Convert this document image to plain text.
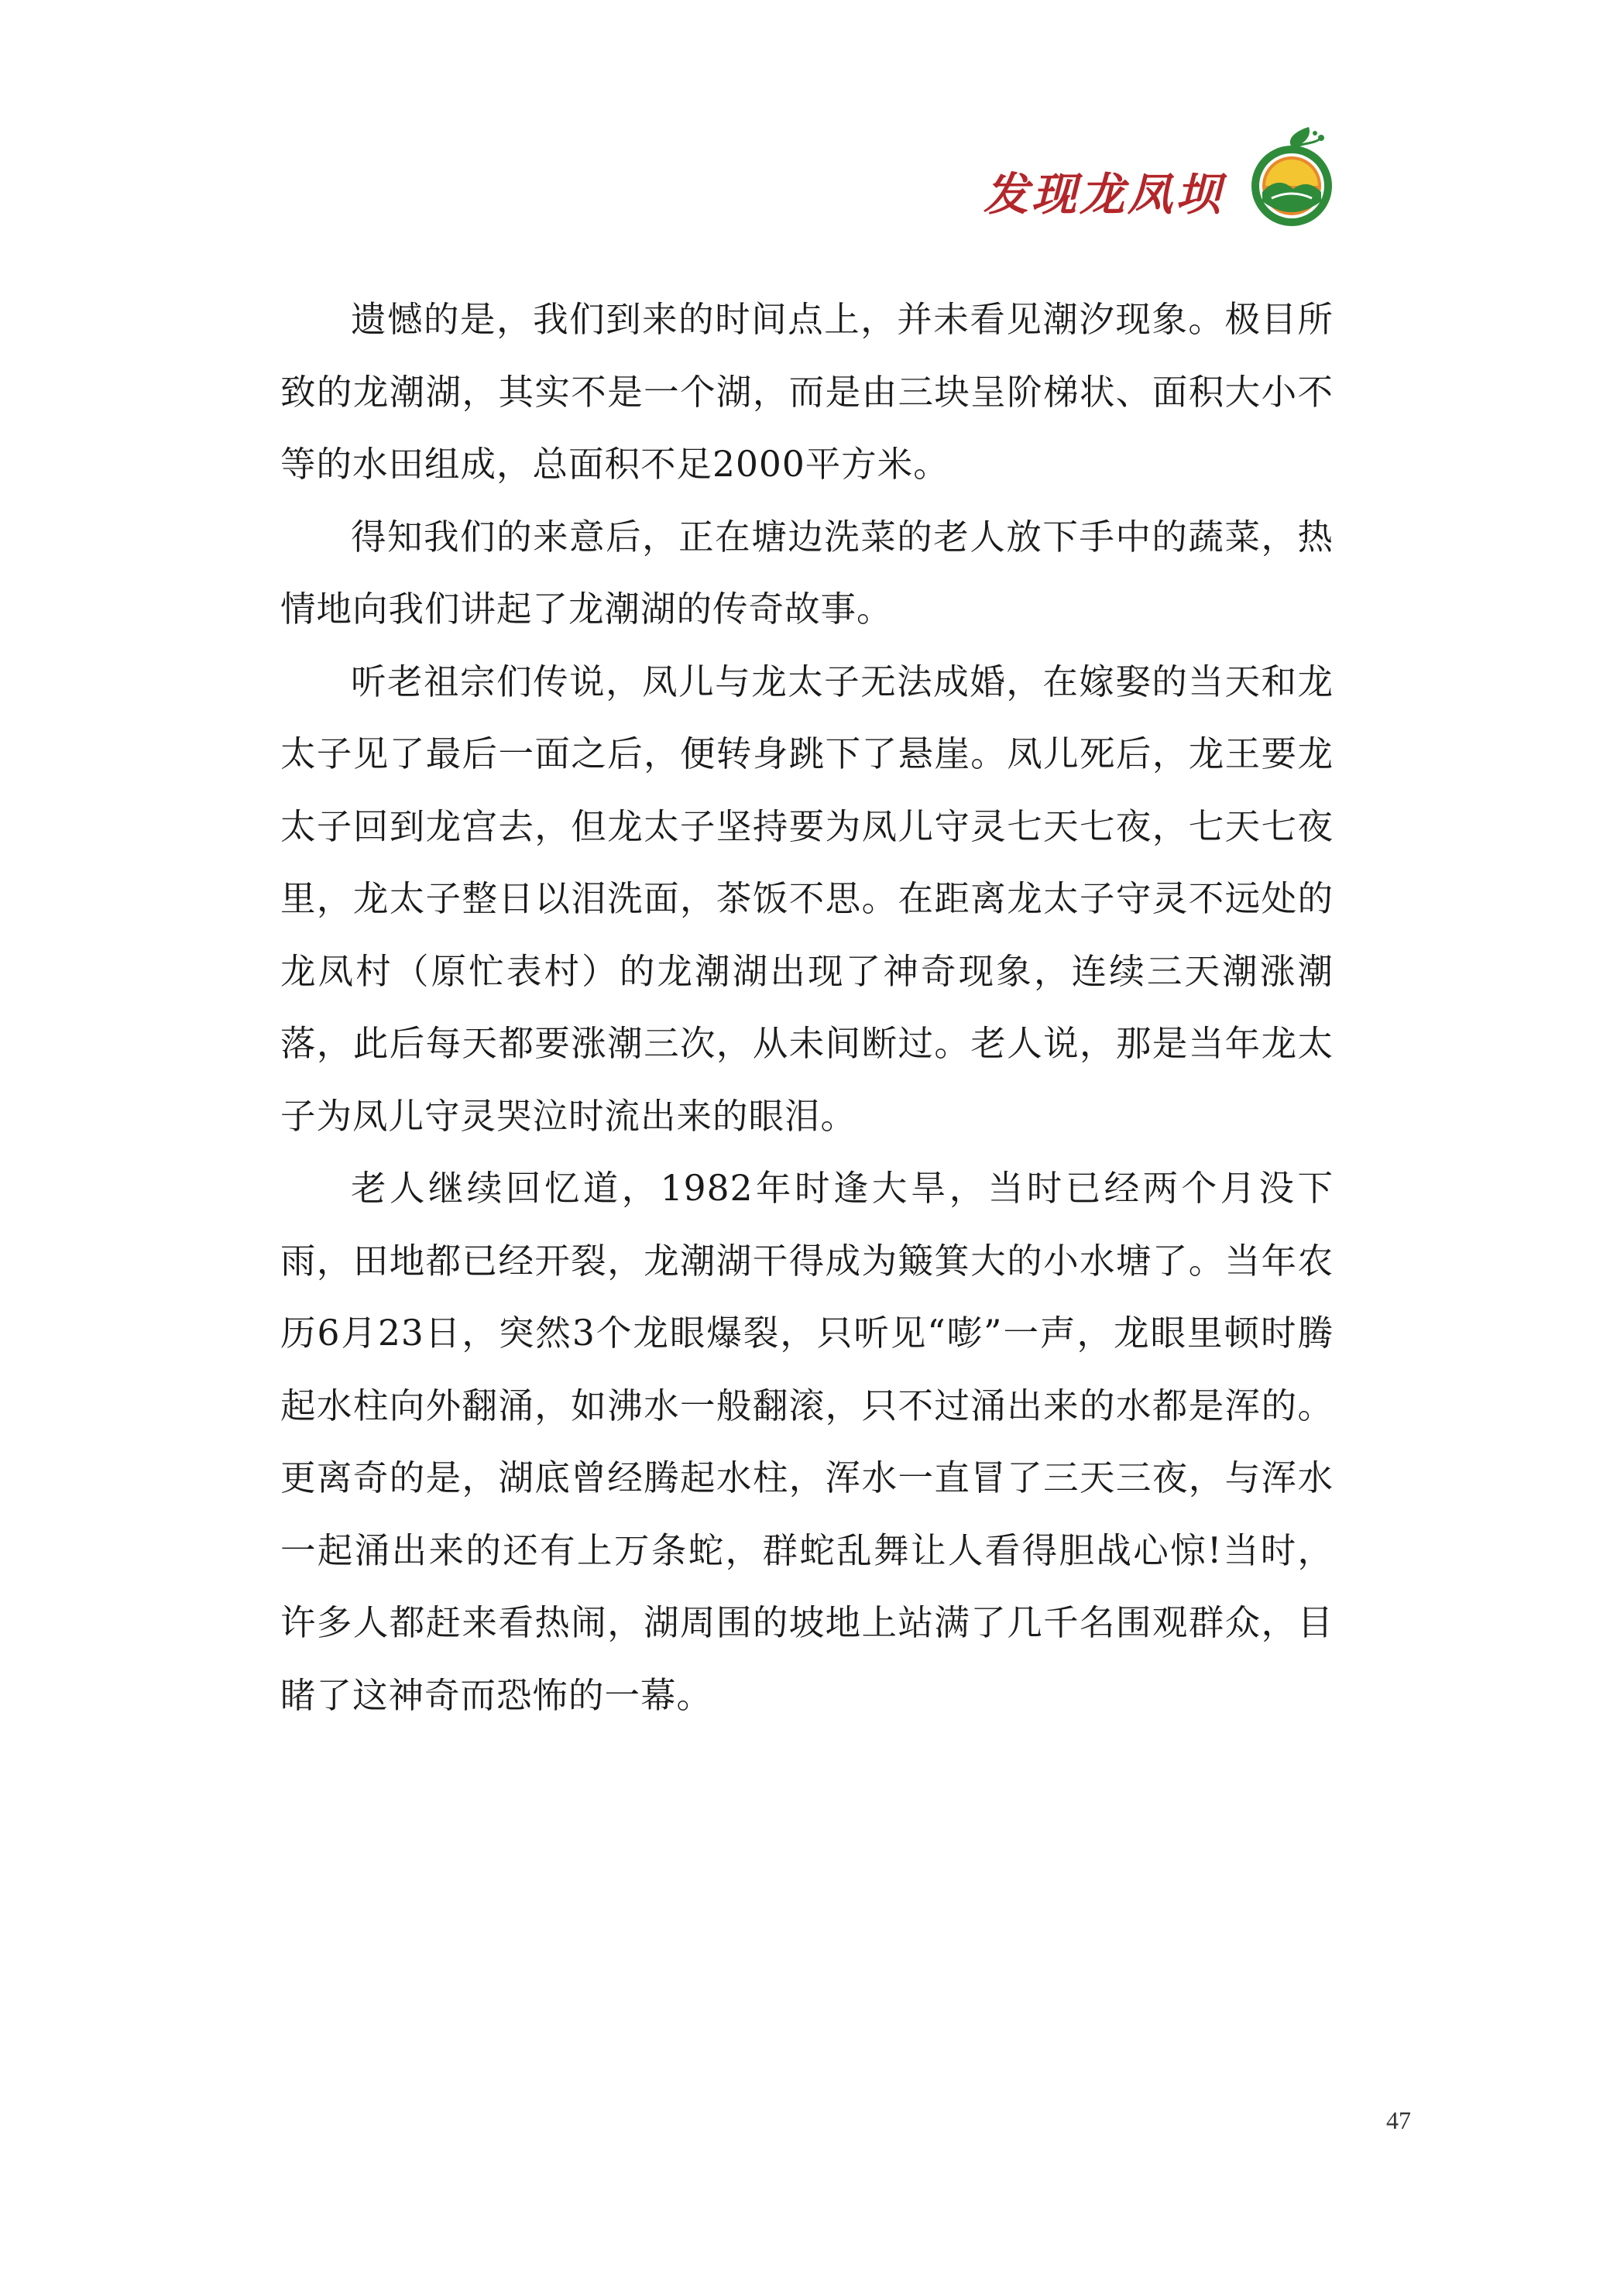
发现龙凤坝

遗憾的是，我们到来的时间点上，并未看见潮汐现象。极目所致的龙潮湖，其实不是一个湖，而是由三块呈阶梯状、面积大小不等的水田组成，总面积不足2000平方米。

得知我们的来意后，正在塘边洗菜的老人放下手中的蔬菜，热情地向我们讲起了龙潮湖的传奇故事。

听老祖宗们传说，凤儿与龙太子无法成婚，在嫁娶的当天和龙太子见了最后一面之后，便转身跳下了悬崖。凤儿死后，龙王要龙太子回到龙宫去，但龙太子坚持要为凤儿守灵七天七夜，七天七夜里，龙太子整日以泪洗面，茶饭不思。在距离龙太子守灵不远处的龙凤村（原忙表村）的龙潮湖出现了神奇现象，连续三天潮涨潮落，此后每天都要涨潮三次，从未间断过。老人说，那是当年龙太子为凤儿守灵哭泣时流出来的眼泪。

老人继续回忆道，1982年时逢大旱，当时已经两个月没下雨，田地都已经开裂，龙潮湖干得成为簸箕大的小水塘了。当年农历6月23日，突然3个龙眼爆裂，只听见“嘭”一声，龙眼里顿时腾起水柱向外翻涌，如沸水一般翻滚，只不过涌出来的水都是浑的。更离奇的是，湖底曾经腾起水柱，浑水一直冒了三天三夜，与浑水一起涌出来的还有上万条蛇，群蛇乱舞让人看得胆战心惊!当时，许多人都赶来看热闹，湖周围的坡地上站满了几千名围观群众，目睹了这神奇而恐怖的一幕。

47
